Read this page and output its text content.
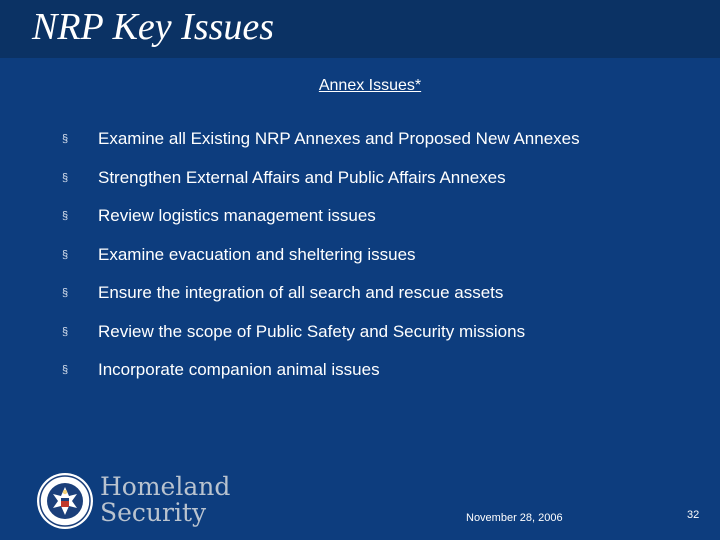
NRP Key Issues
Annex Issues*
§	Examine all Existing NRP Annexes and Proposed New Annexes
§	Strengthen External Affairs and Public Affairs Annexes
§	Review logistics management issues
§	Examine evacuation and sheltering issues
§	Ensure the integration of all search and rescue assets
§	Review the scope of Public Safety and Security missions
§	Incorporate companion animal issues
Homeland
Security	November 28, 2006	32
